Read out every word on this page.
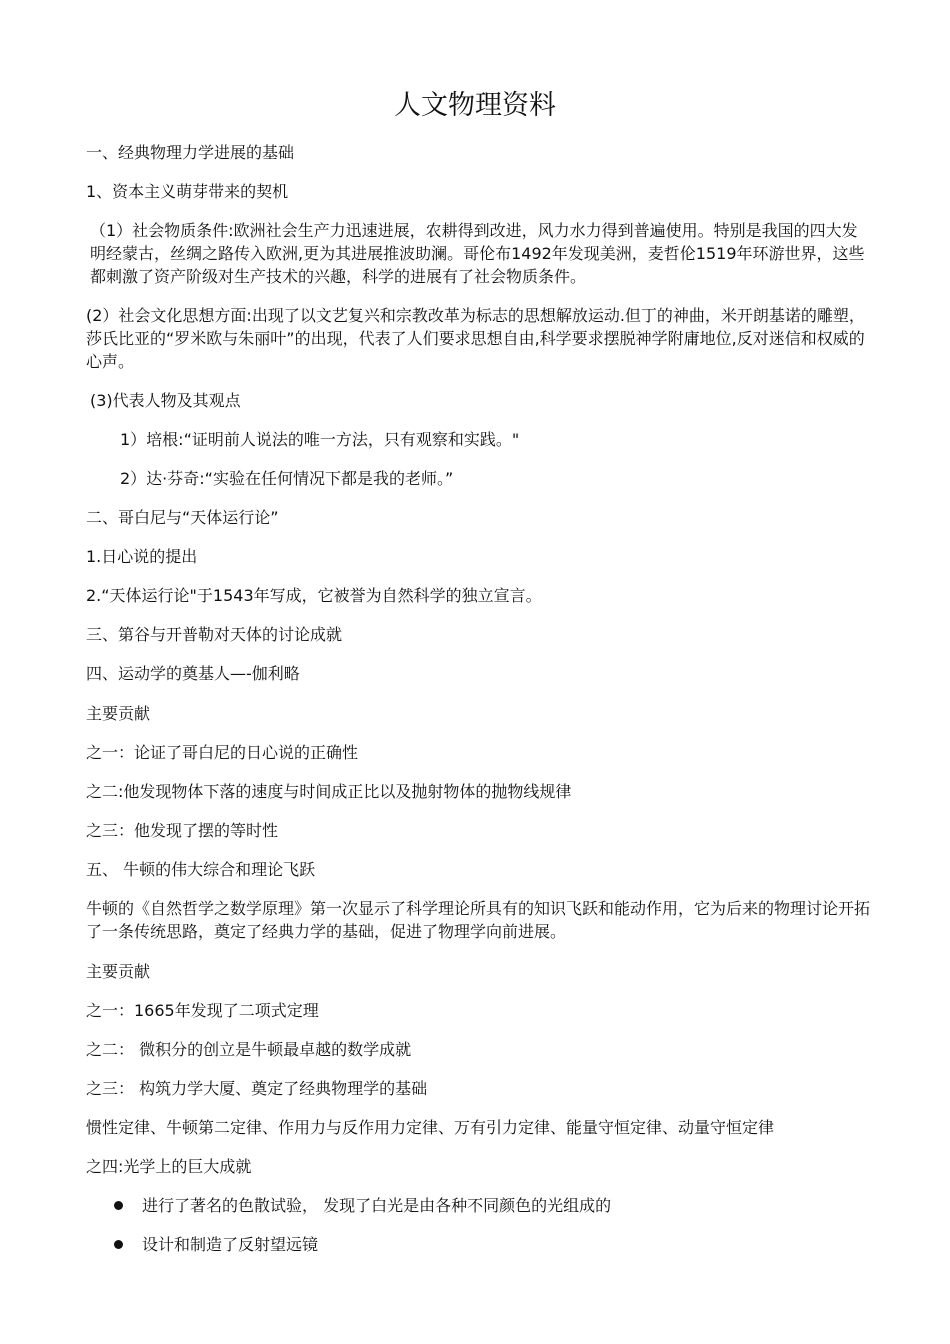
人文物理资料

一、经典物理力学进展的基础

1、资本主义萌芽带来的契机

（1）社会物质条件:欧洲社会生产力迅速进展，农耕得到改进，风力水力得到普遍使用。特别是我国的四大发明经蒙古，丝绸之路传入欧洲,更为其进展推波助澜。哥伦布1492年发现美洲，麦哲伦1519年环游世界，这些都刺激了资产阶级对生产技术的兴趣，科学的进展有了社会物质条件。

(2）社会文化思想方面:出现了以文艺复兴和宗教改革为标志的思想解放运动.但丁的神曲，米开朗基诺的雕塑，莎氏比亚的“罗米欧与朱丽叶”的出现，代表了人们要求思想自由,科学要求摆脱神学附庸地位,反对迷信和权威的心声。

(3)代表人物及其观点

1）培根:“证明前人说法的唯一方法，只有观察和实践。"

2）达·芬奇:“实验在任何情况下都是我的老师。”

二、哥白尼与“天体运行论”

1.日心说的提出

2.“天体运行论"于1543年写成，它被誉为自然科学的独立宣言。

三、第谷与开普勒对天体的讨论成就

四、运动学的奠基人—-伽利略

主要贡献

之一：论证了哥白尼的日心说的正确性

之二:他发现物体下落的速度与时间成正比以及抛射物体的抛物线规律

之三：他发现了摆的等时性

五、 牛顿的伟大综合和理论飞跃

牛顿的《自然哲学之数学原理》第一次显示了科学理论所具有的知识飞跃和能动作用，它为后来的物理讨论开拓了一条传统思路，奠定了经典力学的基础，促进了物理学向前进展。

主要贡献

之一：1665年发现了二项式定理

之二： 微积分的创立是牛顿最卓越的数学成就

之三： 构筑力学大厦、奠定了经典物理学的基础

惯性定律、牛顿第二定律、作用力与反作用力定律、万有引力定律、能量守恒定律、动量守恒定律

之四:光学上的巨大成就

进行了著名的色散试验， 发现了白光是由各种不同颜色的光组成的
设计和制造了反射望远镜
